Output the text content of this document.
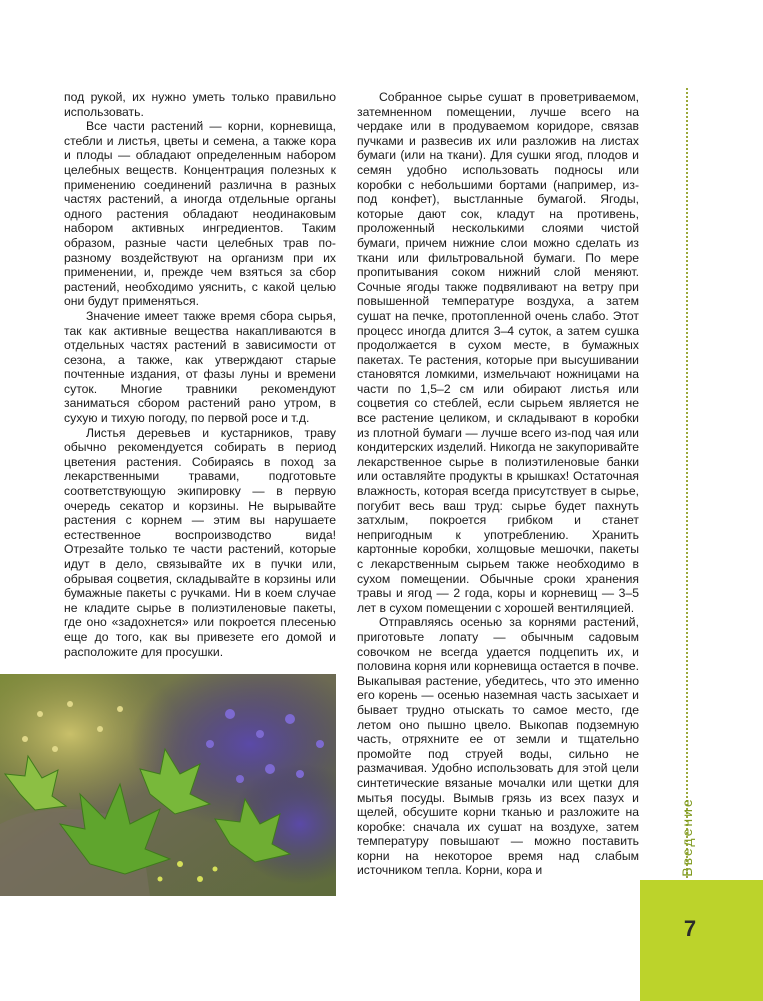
под рукой, их нужно уметь только правильно использовать.

Все части растений — корни, корневища, стебли и листья, цветы и семена, а также кора и плоды — обладают определенным набором целебных веществ. Концентрация полезных к применению соединений различна в разных частях растений, а иногда отдельные органы одного растения обладают неодинаковым набором активных ингредиентов. Таким образом, разные части целебных трав по-разному воздействуют на организм при их применении, и, прежде чем взяться за сбор растений, необходимо уяснить, с какой целью они будут применяться.

Значение имеет также время сбора сырья, так как активные вещества накапливаются в отдельных частях растений в зависимости от сезона, а также, как утверждают старые почтенные издания, от фазы луны и времени суток. Многие травники рекомендуют заниматься сбором растений рано утром, в сухую и тихую погоду, по первой росе и т.д.

Листья деревьев и кустарников, траву обычно рекомендуется собирать в период цветения растения. Собираясь в поход за лекарственными травами, подготовьте соответствующую экипировку — в первую очередь секатор и корзины. Не вырывайте растения с корнем — этим вы нарушаете естественное воспроизводство вида! Отрезайте только те части растений, которые идут в дело, связывайте их в пучки или, обрывая соцветия, складывайте в корзины или бумажные пакеты с ручками. Ни в коем случае не кладите сырье в полиэтиленовые пакеты, где оно «задохнется» или покроется плесенью еще до того, как вы привезете его домой и расположите для просушки.

Собранное сырье сушат в проветриваемом, затемненном помещении, лучше всего на чердаке или в продуваемом коридоре, связав пучками и развесив их или разложив на листах бумаги (или на ткани). Для сушки ягод, плодов и семян удобно использовать подносы или коробки с небольшими бортами (например, из-под конфет), выстланные бумагой. Ягоды, которые дают сок, кладут на противень, проложенный несколькими слоями чистой бумаги, причем нижние слои можно сделать из ткани или фильтровальной бумаги. По мере пропитывания соком нижний слой меняют. Сочные ягоды также подвяливают на ветру при повышенной температуре воздуха, а затем сушат на печке, протопленной очень слабо. Этот процесс иногда длится 3–4 суток, а затем сушка продолжается в сухом месте, в бумажных пакетах. Те растения, которые при высушивании становятся ломкими, измельчают ножницами на части по 1,5–2 см или обирают листья или соцветия со стеблей, если сырьем является не все растение целиком, и складывают в коробки из плотной бумаги — лучше всего из-под чая или кондитерских изделий. Никогда не закупоривайте лекарственное сырье в полиэтиленовые банки или оставляйте продукты в крышках! Остаточная влажность, которая всегда присутствует в сырье, погубит весь ваш труд: сырье будет пахнуть затхлым, покроется грибком и станет непригодным к употреблению. Хранить картонные коробки, холщовые мешочки, пакеты с лекарственным сырьем также необходимо в сухом помещении. Обычные сроки хранения травы и ягод — 2 года, коры и корневищ — 3–5 лет в сухом помещении с хорошей вентиляцией.

Отправляясь осенью за корнями растений, приготовьте лопату — обычным садовым совочком не всегда удается подцепить их, и половина корня или корневища остается в почве. Выкапывая растение, убедитесь, что это именно его корень — осенью наземная часть засыхает и бывает трудно отыскать то самое место, где летом оно пышно цвело. Выкопав подземную часть, отряхните ее от земли и тщательно промойте под струей воды, сильно не размачивая. Удобно использовать для этой цели синтетические вязаные мочалки или щетки для мытья посуды. Вымыв грязь из всех пазух и щелей, обсушите корни тканью и разложите на коробке: сначала их сушат на воздухе, затем температуру повышают — можно поставить корни на некоторое время над слабым источником тепла. Корни, кора и	Введение
7
